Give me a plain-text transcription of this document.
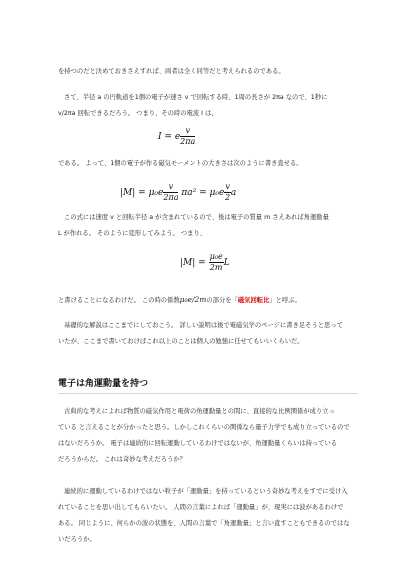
を持つのだと決めておきさえすれば、両者は全く同等だと考えられるのである。
さて、半径 a の円軌道を1個の電子が速さ v で回転する時、1周の長さが 2πa なので、1秒に
v/2πa 回転できるだろう。 つまり、その時の電流 I は、
I = e $\frac{v}{2\pi a}$
である。 よって、1個の電子が作る磁気モーメントの大きさは次のように書き直せる。
$|M| = \mu_0e \frac{v}{2\pi a} \pi a^2 = \mu_0e \frac{v}{2}$ a
この式には速度 v と回転半径 a が含まれているので、後は電子の質量 m さえあれば角運動量
L が作れる。 そのように変形してみよう。 つまり、
$|M| = \frac{\text{μ₀e}}{2m}$ L
と書けることになるわけだ。 この時の係数μ₀e/2mの部分を「磁気回転比」と呼ぶ。
基礎的な解説はここまでにしておこう。 詳しい説明は後で電磁気学のページに書き足そうと思って
いたが、ここまで書いておけばこれ以上のことは個人の勉強に任せてもいいくらいだ。
電子は角運動量を持つ
古典的な考えによれば物質の磁気作用と電荷の角運動量との間に、直接的な比例関係が成り立っ
ている と言えることが分かったと思う。しかしこれくらいの関係なら量子力学でも成り立っているので
はないだろうか。 電子は連続的に回転運動しているわけではないが、角運動量くらいは持っている
だろうからだ。 これは奇妙な考えだろうか？
連続的に運動しているわけではない粒子が「運動量」を持っているという奇妙な考えをすでに受け入
れていることを思い出してもらいたい。 人間の言葉によれば「運動量」が、現実には波があるわけで
ある。 同じように、何らかの波の状態を、人間の言葉で「角運動量」と言い直すこともできるのではな
いだろうか。
